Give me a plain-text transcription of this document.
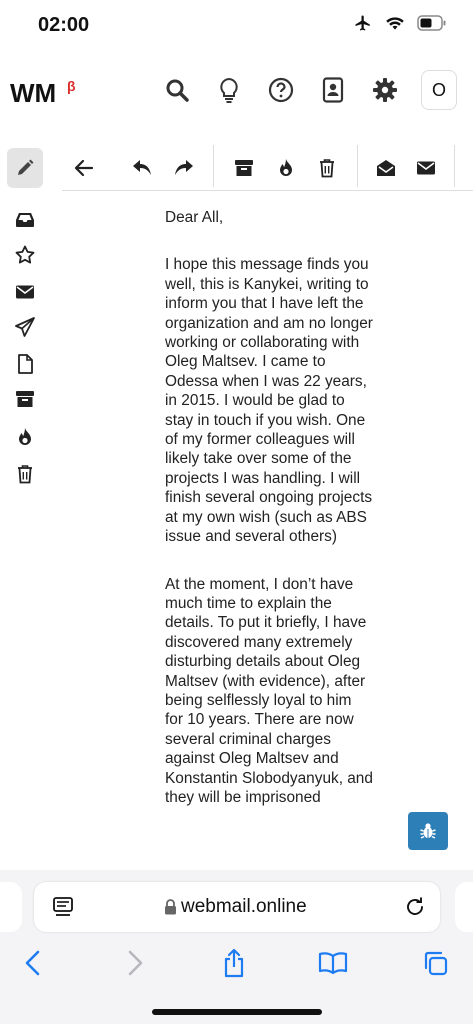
02:00
WM β	O

Dear All,

I hope this message finds you well, this is Kanykei, writing to inform you that I have left the organization and am no longer working or collaborating with Oleg Maltsev. I came to Odessa when I was 22 years, in 2015. I would be glad to stay in touch if you wish. One of my former colleagues will likely take over some of the projects I was handling. I will finish several ongoing projects at my own wish (such as ABS issue and several others)

At the moment, I don’t have much time to explain the details. To put it briefly, I have discovered many extremely disturbing details about Oleg Maltsev (with evidence), after being selflessly loyal to him for 10 years. There are now several criminal charges against Oleg Maltsev and Konstantin Slobodyanyuk, and they will be imprisoned

webmail.online
